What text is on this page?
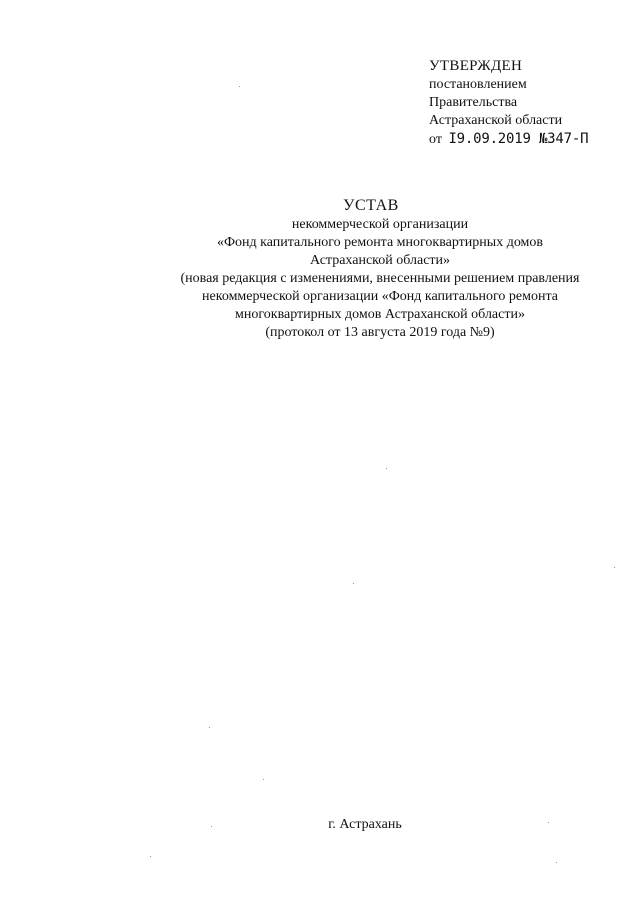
УТВЕРЖДЕН
постановлением
Правительства
Астраханской области
от I9.09.2019 №347-П
УСТАВ
некоммерческой организации
«Фонд капитального ремонта многоквартирных домов
Астраханской области»
(новая редакция с изменениями, внесенными решением правления
некоммерческой организации «Фонд капитального ремонта
многоквартирных домов Астраханской области»
(протокол от 13 августа 2019 года №9)
г. Астрахань
